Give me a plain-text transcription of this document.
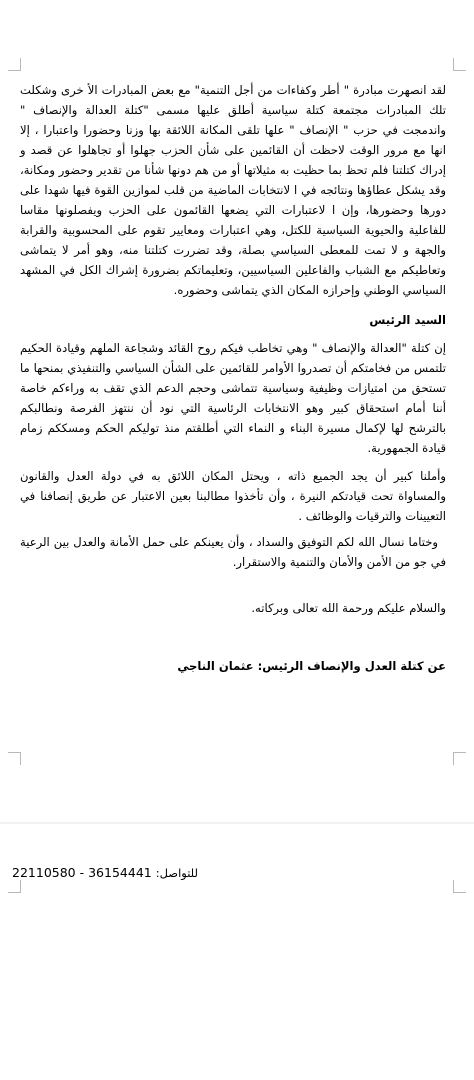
لقد انصهرت مبادرة " أطر وكفاءات من أجل التنمية" مع بعض المبادرات الأ خرى وشكلت تلك المبادرات مجتمعة كتلة سياسية أطلق عليها مسمى "كتلة العدالة والإنصاف " واندمجت في حزب " الإنصاف " علها تلقى المكانة اللائقة بها وزنا وحضورا واعتبارا ، إلا انها مع مرور الوقت لاحظت أن القائمين على شأن الحزب جهلوا أو تجاهلوا عن قصد و إدراك كتلتنا فلم تحظ بما حظيت به مثيلاتها أو من هم دونها شأنا من تقدير وحضور ومكانة، وقد يشكل عطاؤها ونتائجه في ا لانتخابات الماضية من قلب لموازين القوة فيها شهدا على دورها وحضورها، وإن ا لاعتبارات التي يضعها القائمون على الحزب ويفصلونها مقاسا للفاعلية والحيوية السياسية للكتل، وهي اعتبارات ومعايير تقوم على المحسوبية والقرابة والجهة و لا تمت للمعطى السياسي بصلة، وقد تضررت كتلتنا منه، وهو أمر لا يتماشى وتعاطيكم مع الشباب والفاعلين السياسيين، وتعليماتكم بضرورة إشراك الكل في المشهد السياسي الوطني وإحرازه المكان الذي يتماشى وحضوره.

السيد الرئيس

إن كتلة "العدالة والإنصاف " وهي تخاطب فيكم روح القائد وشجاعة الملهم وقيادة الحكيم تلتمس من فخامتكم أن تصدروا الأوامر للقائمين على الشأن السياسي والتنفيذي بمنحها ما تستحق من امتيازات وظيفية وسياسية تتماشى وحجم الدعم الذي تقف به وراءكم خاصة أننا أمام استحقاق كبير وهو الانتخابات الرئاسية التي نود أن ننتهز الفرصة ونطالبكم بالترشح لها لإكمال مسيرة البناء و النماء التي أطلقتم منذ توليكم الحكم ومسككم زمام قيادة الجمهورية.

وأملنا كبير أن يجد الجميع ذاته ، ويحتل المكان اللائق به في دولة العدل والقانون والمساواة تحت قيادتكم النيرة ، وأن تأخذوا مطالبنا بعين الاعتبار عن طريق إنصافنا في التعيينات والترقيات والوظائف .

وختاما نسال الله لكم التوفيق والسداد ، وأن يعينكم على حمل الأمانة والعدل بين الرعية في جو من الأمن والأمان والتنمية والاستقرار.

والسلام عليكم ورحمة الله تعالى وبركاته.

عن كتلة العدل والإنصاف الرئيس: عثمان الناجي

للتواصل: 22110580 - 36154441
